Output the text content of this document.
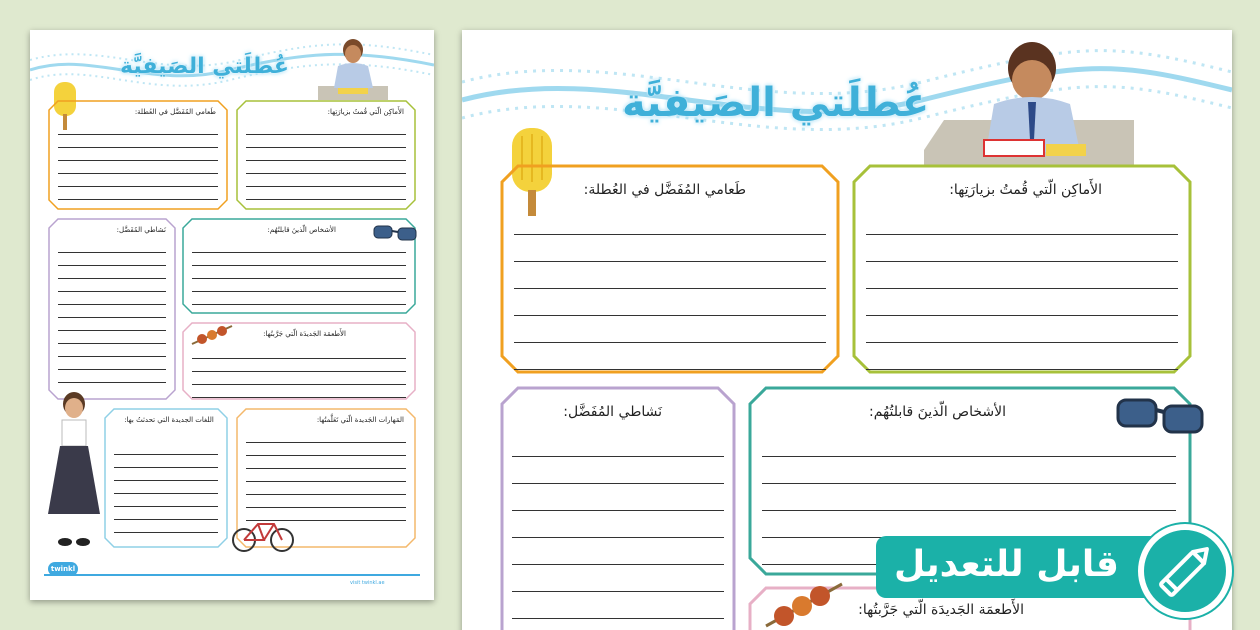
عُطلَتي الصَيفيَّة
طَعامي المُفَضَّل في العُطلة:	الأَماكِن الّتي قُمتُ بزيارَتِها:
نَشاطي المُفَضَّل:	الأشخاص الّذينَ قابلتُهُم:
الأَطعمَة الجَديدَة الّتي جَرَّبتُها:
اللغات الجديدة التي تحدثتُ بها:	المَهارات الجَديدة الّتي تَعَلَّمتُها:
twinkl
visit twinkl.ae
عُطلَتي الصَيفيَّة
طَعامي المُفَضَّل في العُطلة:	الأَماكِن الّتي قُمتُ بزيارَتِها:
نَشاطي المُفَضَّل:	الأشخاص الّذينَ قابلتُهُم:
الأَطعمَة الجَديدَة الّتي جَرَّبتُها:
قابل للتعديل
